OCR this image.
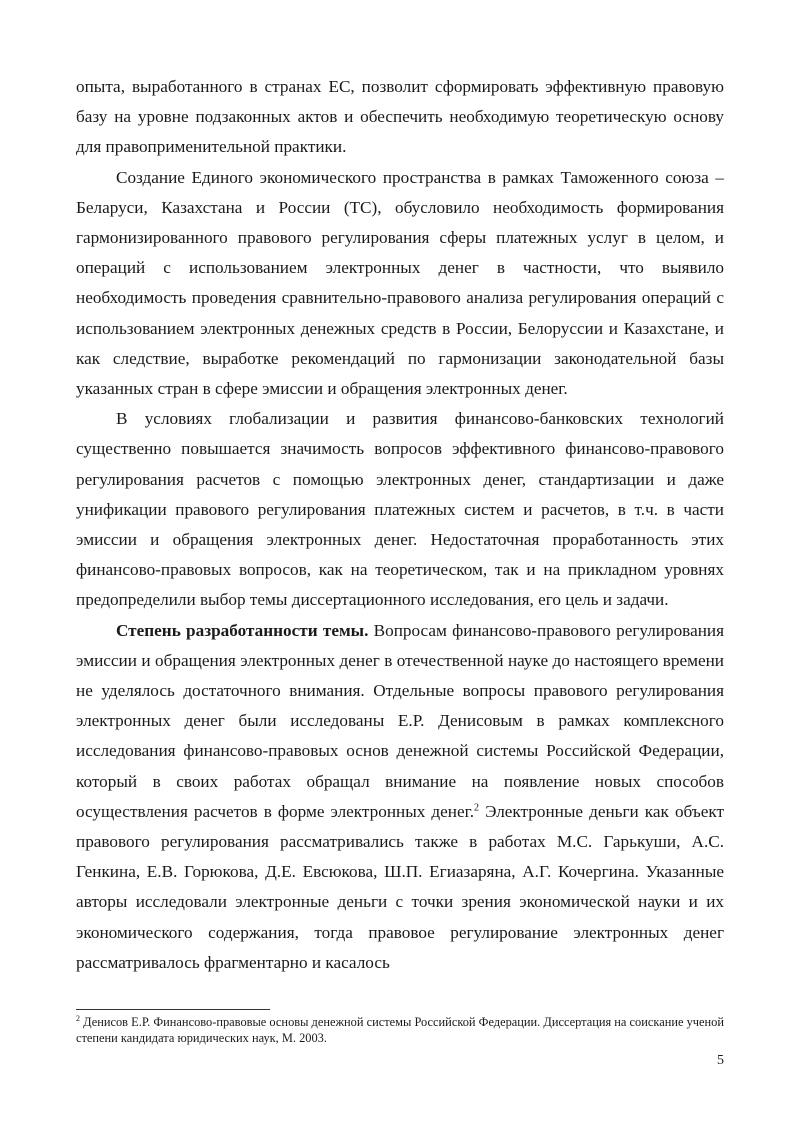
опыта, выработанного в странах ЕС, позволит сформировать эффективную правовую базу на уровне подзаконных актов и обеспечить необходимую теоретическую основу для правоприменительной практики.

Создание Единого экономического пространства в рамках Таможенного союза – Беларуси, Казахстана и России (ТС), обусловило необходимость формирования гармонизированного правового регулирования сферы платежных услуг в целом, и операций с использованием электронных денег в частности, что выявило необходимость проведения сравнительно-правового анализа регулирования операций с использованием электронных денежных средств в России, Белоруссии и Казахстане, и как следствие, выработке рекомендаций по гармонизации законодательной базы указанных стран в сфере эмиссии и обращения электронных денег.

В условиях глобализации и развития финансово-банковских технологий существенно повышается значимость вопросов эффективного финансово-правового регулирования расчетов с помощью электронных денег, стандартизации и даже унификации правового регулирования платежных систем и расчетов, в т.ч. в части эмиссии и обращения электронных денег. Недостаточная проработанность этих финансово-правовых вопросов, как на теоретическом, так и на прикладном уровнях предопределили выбор темы диссертационного исследования, его цель и задачи.

Степень разработанности темы. Вопросам финансово-правового регулирования эмиссии и обращения электронных денег в отечественной науке до настоящего времени не уделялось достаточного внимания. Отдельные вопросы правового регулирования электронных денег были исследованы Е.Р. Денисовым в рамках комплексного исследования финансово-правовых основ денежной системы Российской Федерации, который в своих работах обращал внимание на появление новых способов осуществления расчетов в форме электронных денег.$^2$ Электронные деньги как объект правового регулирования рассматривались также в работах М.С. Гарькуши, А.С. Генкина, Е.В. Горюкова, Д.Е. Евсюкова, Ш.П. Егиазаряна, А.Г. Кочергина. Указанные авторы исследовали электронные деньги с точки зрения экономической науки и их экономического содержания, тогда правовое регулирование электронных денег рассматривалось фрагментарно и касалось

$^2$ Денисов Е.Р. Финансово-правовые основы денежной системы Российской Федерации. Диссертация на соискание ученой степени кандидата юридических наук, М. 2003.
5
